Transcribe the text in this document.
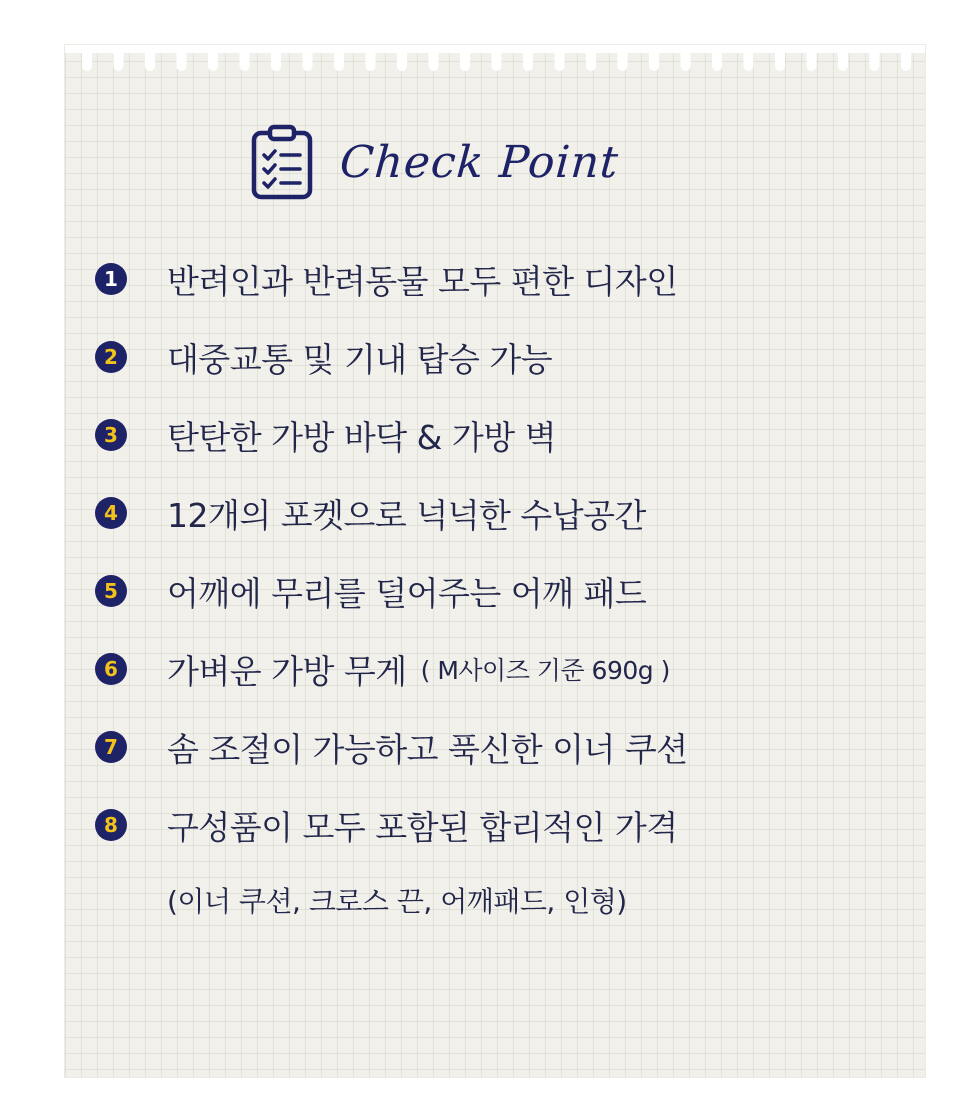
Check Point
1 반려인과 반려동물 모두 편한 디자인
2 대중교통 및 기내 탑승 가능
3 탄탄한 가방 바닥 & 가방 벽
4 12개의 포켓으로 넉넉한 수납공간
5 어깨에 무리를 덜어주는 어깨 패드
6 가벼운 가방 무게 ( M사이즈 기준 690g )
7 솜 조절이 가능하고 푹신한 이너 쿠션
8 구성품이 모두 포함된 합리적인 가격
(이너 쿠션, 크로스 끈, 어깨패드, 인형)
